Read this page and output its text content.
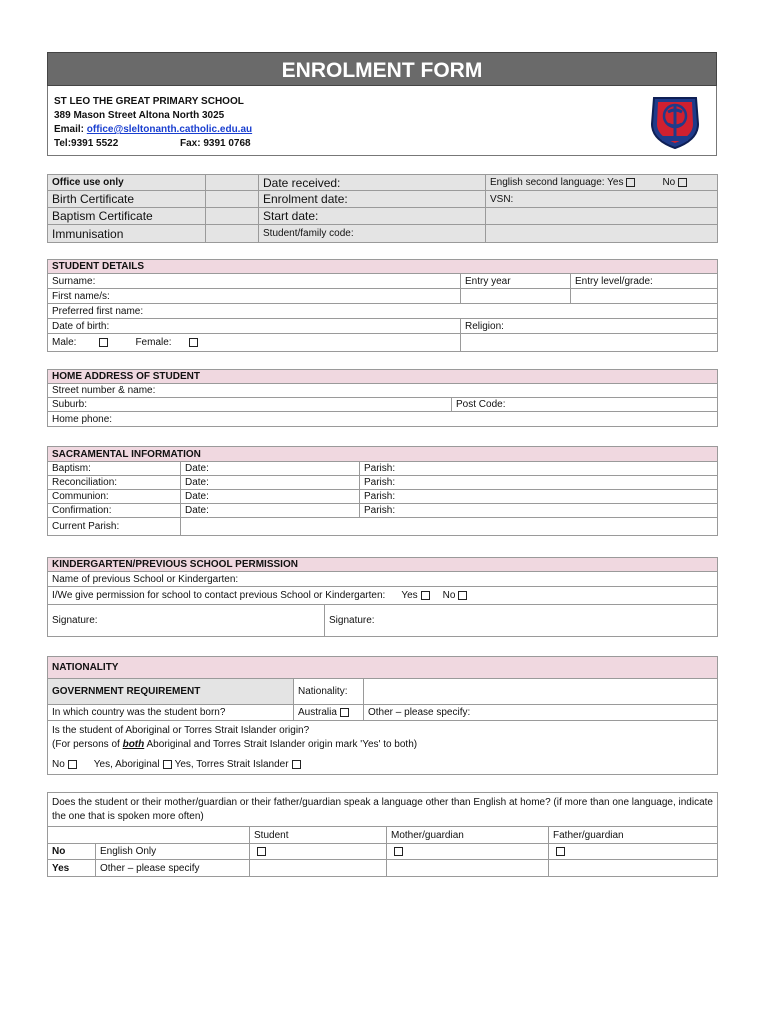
ENROLMENT FORM
ST LEO THE GREAT PRIMARY SCHOOL
389 Mason Street Altona North 3025
Email: office@sleltonanth.catholic.edu.au
Tel:9391 5522	Fax: 9391 0768
Office use only		Date received:	English second language: Yes No
Birth Certificate		Enrolment date:	VSN:
Baptism Certificate		Start date:	
Immunisation		Student/family code:	
STUDENT DETAILS		
Surname:	Entry year	Entry level/grade:
First name/s:		
Preferred first name:		
Date of birth:	Religion:	
Male: Female:		
HOME ADDRESS OF STUDENT
Street number & name:
Suburb:	Post Code:
Home phone:
SACRAMENTAL INFORMATION		
Baptism:	Date:	Parish:
Reconciliation:	Date:	Parish:
Communion:	Date:	Parish:
Confirmation:	Date:	Parish:
Current Parish:		
KINDERGARTEN/PREVIOUS SCHOOL PERMISSION
Name of previous School or Kindergarten:
I/We give permission for school to contact previous School or Kindergarten: Yes	No
Signature:	Signature:
NATIONALITY		
GOVERNMENT REQUIREMENT	Nationality:	
In which country was the student born?	Australia	Other – please specify:

Is the student of Aboriginal or Torres Strait Islander origin?
(For persons of both Aboriginal and Torres Strait Islander origin mark 'Yes' to both)
No Yes, Aboriginal Yes, Torres Strait Islander		
Does the student or their mother/guardian or their father/guardian speak a language other than English at home? (if more than one language, indicate the one that is spoken more often)				
		Student	Mother/guardian	Father/guardian
No	English Only			
Yes	Other – please specify			
